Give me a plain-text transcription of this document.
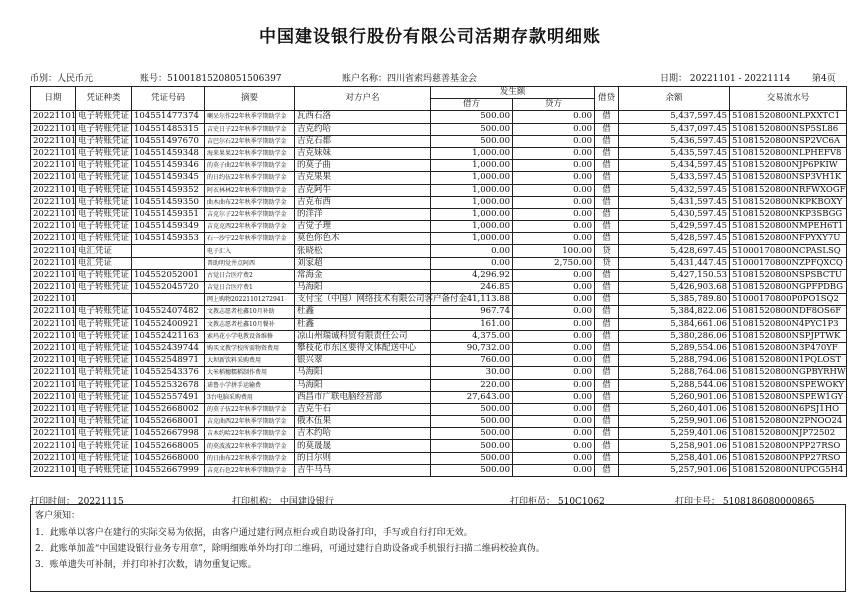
中国建设银行股份有限公司活期存款明细账
币别：人民币元	账号：51001815208051506397	账户名称：四川省索玛慈善基金会	日期： 20221101 - 20221114 第4页
日期	凭证种类	凭证号码	摘要	对方户名	发生额		借贷	余额	交易流水号
					借方	贷方			
20221101	电子转账凭证	104551477374	喇呆尔作22年秋季学期助学金	瓦西石洛	500.00	0.00	借	5,437,597.45	51081520800NLPXXTC1
20221101	电子转账凭证	104551485315	吉史日子22年秋季学期助学金	吉克约哈	500.00	0.00	借	5,437,097.45	51081520800NSP5SL86
20221101	电子转账凭证	104551497670	吉巴尔石22年秋季学期助学金	吉克石都	500.00	0.00	借	5,436,597.45	51081520800NSP2VC6A
20221101	电子转账凭证	104551459348	海来果果22年秋季学期助学金	吉克妹妹	1,000.00	0.00	借	5,435,597.45	51081520800NLPHEFV8
20221101	电子转账凭证	104551459346	的莫子曲22年秋季学期助学金	的莫子曲	1,000.00	0.00	借	5,434,597.45	51081520800NJP6PKIW
20221101	电子转账凭证	104551459345	的日约伍22年秋季学期助学金	吉克果果	1,000.00	0.00	借	5,433,597.45	51081520800NSP3VH1K
20221101	电子转账凭证	104551459352	阿衣林林22年秋季学期助学金	吉克阿牛	1,000.00	0.00	借	5,432,597.45	51081520800NRFWXOGF
20221101	电子转账凭证	104551459350	曲木曲布22年秋季学期助学金	吉克布西	1,000.00	0.00	借	5,431,597.45	51081520800NKPKBOXY
20221101	电子转账凭证	104551459351	吉克尔子22年秋季学期助学金	的洋洋	1,000.00	0.00	借	5,430,597.45	51081520800NKP3SBGG
20221101	电子转账凭证	104551459349	吉克克西22年秋季学期助学金	吉觉子理	1,000.00	0.00	借	5,429,597.45	51081520800NMPEH6T1
20221101	电子转账凭证	104551459353	石一沙宁22年秋季学期助学金	莫色你色木	1,000.00	0.00	借	5,428,597.45	51081520800NFPYXY7U
20221101	电汇凭证		电子汇入	张晓松	0.00	100.00	贷	5,428,697.45	51000170800NCPASLSQ
20221101	电汇凭证		普助明觉井点阿西	刘家超	0.00	2,750.00	贷	5,431,447.45	51000170800NZPFQXCQ
20221101	电子转账凭证	104552052001	古觉日合医疗费2	常海金	4,296.92	0.00	借	5,427,150.53	51081520800NSPSBCTU
20221101	电子转账凭证	104552045720	吉觉日合医疗费1	马海阳	246.85	0.00	借	5,426,903.68	51081520800NGPFPDBG
20221101			网上购物20221101272941	支付宝（中国）网络技术有限公司客户备付金	41,113.88	0.00	借	5,385,789.80	51000170800P0PO1SQ2
20221101	电子转账凭证	104552407482	文教志愿者杜鑫10月补助	杜鑫	967.74	0.00	借	5,384,822.06	51081520800NDF8OS6F
20221101	电子转账凭证	104552400921	文教志愿者杜鑫10月餐补	杜鑫	161.00	0.00	借	5,384,661.06	51081520800N4PYC1P3
20221101	电子转账凭证	104552421163	索玛花小学电教设备维修	凉山州瑞诚科贸有限责任公司	4,375.00	0.00	借	5,380,286.06	51081520800NSPJPTWK
20221101	电子转账凭证	104552439744	购买文教学校所需物资费用	攀枝花市东区要得文体配送中心	90,732.00	0.00	借	5,289,554.06	51081520800N3P470YF
20221101	电子转账凭证	104552548971	大坝新饮料采购费用	银兴翠	760.00	0.00	借	5,288,794.06	51081520800N1PQLOST
20221101	电子转账凭证	104552543376	大米稻穗糯稻制作费用	马海阳	30.00	0.00	借	5,288,764.06	51081520800NGPBYRHW
20221101	电子转账凭证	104552532678	诺鲁小学拼手运输费	马海阳	220.00	0.00	借	5,288,544.06	51081520800NSPEWOKY
20221101	电子转账凭证	104552557491	3台电脑采购费用	西昌市广联电脑经营部	27,643.00	0.00	借	5,260,901.06	51081520800NSPEW1GY
20221101	电子转账凭证	104552668002	的莫子伍22年秋季学期助学金	吉克牛石	500.00	0.00	借	5,260,401.06	51081520800N6PSJ1HO
20221101	电子转账凭证	104552668001	吉克曲西22年秋季学期助学金	俄木伍果	500.00	0.00	借	5,259,901.06	51081520800N2PNOO24
20221101	电子转账凭证	104552667998	吉木约哈22年秋季学期助学金	吉木约哈	500.00	0.00	借	5,259,401.06	51081520800NJP72502
20221101	电子转账凭证	104552668005	的莫波波22年秋季学期助学金	的莫晟晟	500.00	0.00	借	5,258,901.06	51081520800NPP27RSO
20221101	电子转账凭证	104552668000	的日曲布22年秋季学期助学金	的日尔则	500.00	0.00	借	5,258,401.06	51081520800NPP27RSO
20221101	电子转账凭证	104552667999	吉克石色22年秋季学期助学金	吉牛马马	500.00	0.00	借	5,257,901.06	51081520800NUPCG5H4
打印时间： 20221115	打印机构： 中国建设银行	打印柜员： 510C1062	打印卡号： 5108186080000865
客户须知：
1．此账单以客户在建行的实际交易为依据，由客户通过建行网点柜台或自助设备打印，手写或自行打印无效。
2．此账单加盖“中国建设银行业务专用章”，除明细账单外均打印二维码，可通过建行自助设备或手机银行扫描二维码校验真伪。
3．账单遗失可补制，并打印补打次数，请勿重复记账。
